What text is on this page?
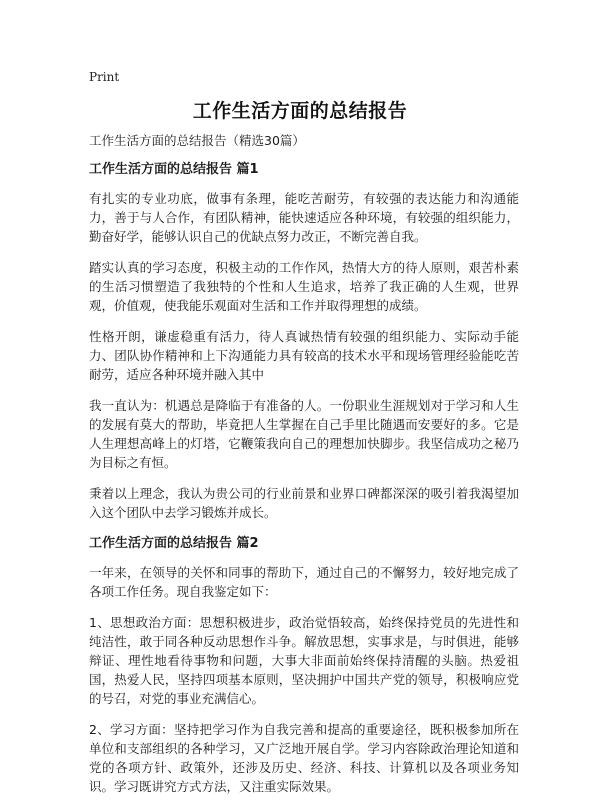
Print
工作生活方面的总结报告

工作生活方面的总结报告（精选30篇）

工作生活方面的总结报告 篇1

有扎实的专业功底，做事有条理，能吃苦耐劳，有较强的表达能力和沟通能力，善于与人合作，有团队精神，能快速适应各种环境，有较强的组织能力，勤奋好学，能够认识自己的优缺点努力改正，不断完善自我。

踏实认真的学习态度，积极主动的工作作风，热情大方的待人原则，艰苦朴素的生活习惯塑造了我独特的个性和人生追求，培养了我正确的人生观，世界观，价值观，使我能乐观面对生活和工作并取得理想的成绩。

性格开朗，谦虚稳重有活力，待人真诚热情有较强的组织能力、实际动手能力、团队协作精神和上下沟通能力具有较高的技术水平和现场管理经验能吃苦耐劳，适应各种环境并融入其中

我一直认为：机遇总是降临于有准备的人。一份职业生涯规划对于学习和人生的发展有莫大的帮助，毕竟把人生掌握在自己手里比随遇而安要好的多。它是人生理想高峰上的灯塔，它鞭策我向自己的理想加快脚步。我坚信成功之秘乃为目标之有恒。

秉着以上理念，我认为贵公司的行业前景和业界口碑都深深的吸引着我渴望加入这个团队中去学习锻炼并成长。

工作生活方面的总结报告 篇2

一年来，在领导的关怀和同事的帮助下，通过自己的不懈努力，较好地完成了各项工作任务。现自我鉴定如下：

1、思想政治方面：思想积极进步，政治觉悟较高，始终保持党员的先进性和纯洁性，敢于同各种反动思想作斗争。解放思想，实事求是，与时俱进，能够辩证、理性地看待事物和问题，大事大非面前始终保持清醒的头脑。热爱祖国，热爱人民，坚持四项基本原则，坚决拥护中国共产党的领导，积极响应党的号召，对党的事业充满信心。

2、学习方面：坚持把学习作为自我完善和提高的重要途径，既积极参加所在单位和支部组织的各种学习，又广泛地开展自学。学习内容除政治理论知道和党的各项方针、政策外，还涉及历史、经济、科技、计算机以及各项业务知识。学习既讲究方式方法，又注重实际效果。
